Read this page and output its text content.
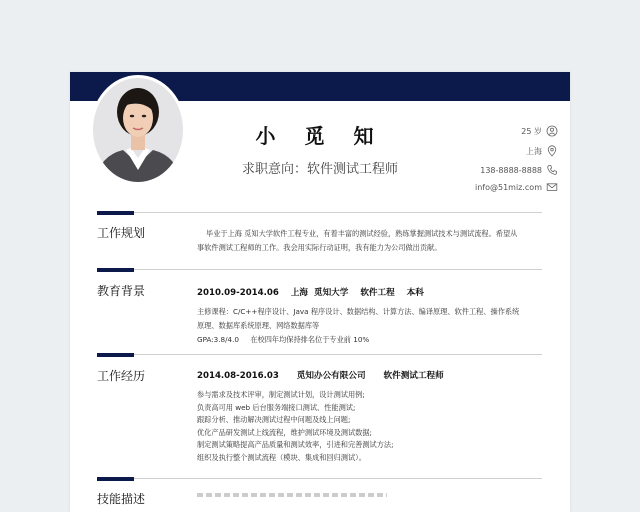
小 觅 知
求职意向：软件测试工程师
25 岁
上海
138-8888-8888
info@51miz.com
工作规划	毕业于上海 觅知大学软件工程专业，有着丰富的测试经验，熟练掌握测试技术与测试流程。希望从
事软件测试工程师的工作。我会用实际行动证明，我有能力为公司做出贡献。
教育背景	2010.09-2014.06    上海  觅知大学    软件工程    本科
主修课程：C/C++程序设计、Java 程序设计、数据结构、计算方法、编译原理、软件工程、操作系统
原理、数据库系统原理、网络数据库等
GPA:3.8/4.0     在校四年均保持排名位于专业前 10%
工作经历	2014.08-2016.03      觅知办公有限公司      软件测试工程师
参与需求及技术评审，制定测试计划，设计测试用例;
负责高可用 web 后台服务端接口测试、性能测试;
跟踪分析、推动解决测试过程中问题及线上问题;
优化产品研发测试上线流程，维护测试环境及测试数据;
制定测试策略提高产品质量和测试效率，引进和完善测试方法;
组织及执行整个测试流程（模块、集成和回归测试）。
技能描述
